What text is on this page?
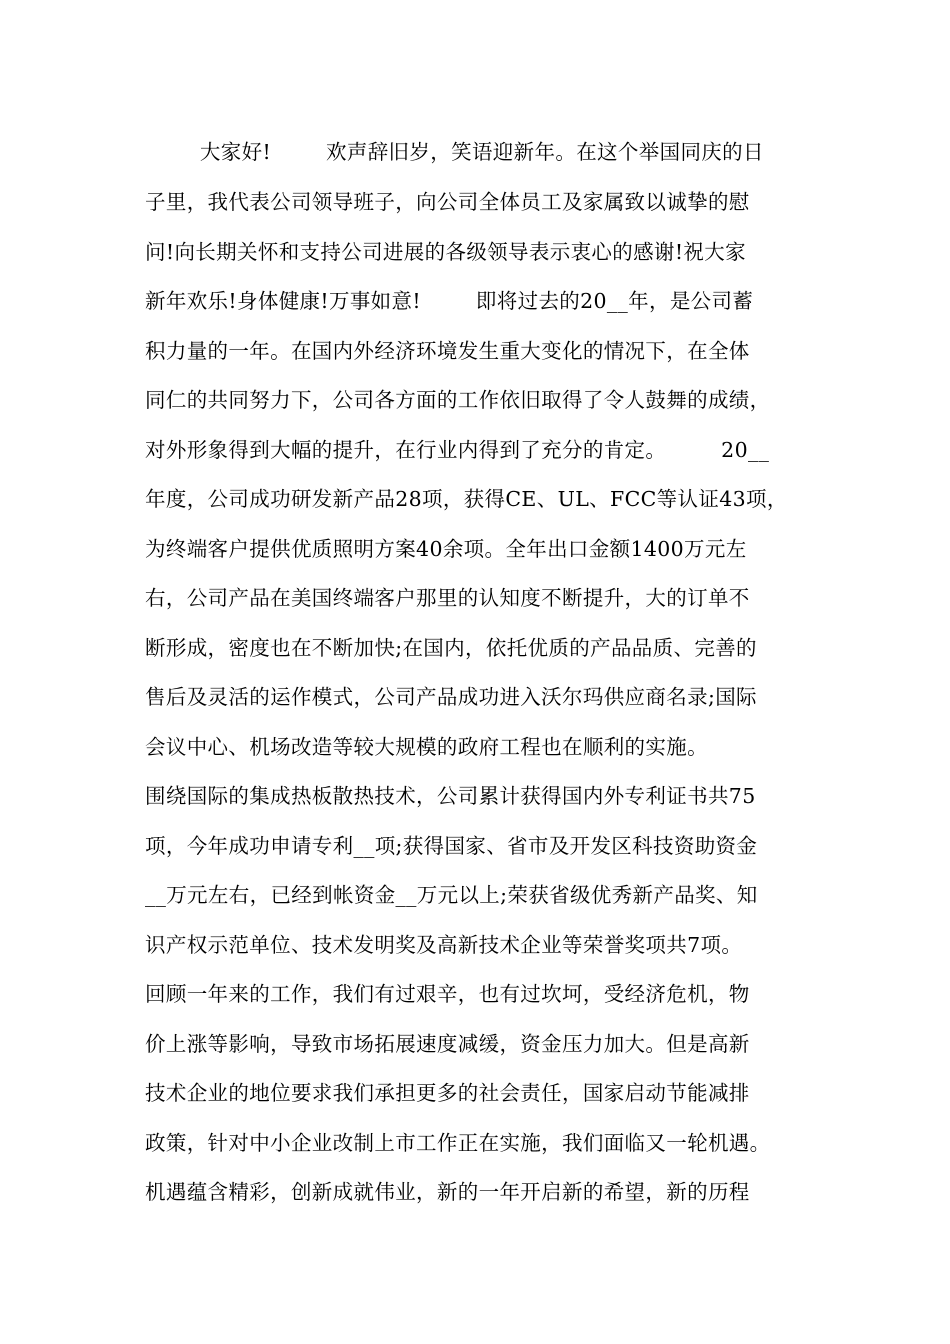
大家好!        欢声辞旧岁，笑语迎新年。在这个举国同庆的日
子里，我代表公司领导班子，向公司全体员工及家属致以诚挚的慰
问!向长期关怀和支持公司进展的各级领导表示衷心的感谢!祝大家
新年欢乐!身体健康!万事如意!        即将过去的20__年，是公司蓄
积力量的一年。在国内外经济环境发生重大变化的情况下，在全体
同仁的共同努力下，公司各方面的工作依旧取得了令人鼓舞的成绩，
对外形象得到大幅的提升，在行业内得到了充分的肯定。        20__
年度，公司成功研发新产品28项，获得CE、UL、FCC等认证43项，
为终端客户提供优质照明方案40余项。全年出口金额1400万元左
右，公司产品在美国终端客户那里的认知度不断提升，大的订单不
断形成，密度也在不断加快;在国内，依托优质的产品品质、完善的
售后及灵活的运作模式，公司产品成功进入沃尔玛供应商名录;国际
会议中心、机场改造等较大规模的政府工程也在顺利的实施。
围绕国际的集成热板散热技术，公司累计获得国内外专利证书共75
项，今年成功申请专利__项;获得国家、省市及开发区科技资助资金
__万元左右，已经到帐资金__万元以上;荣获省级优秀新产品奖、知
识产权示范单位、技术发明奖及高新技术企业等荣誉奖项共7项。
回顾一年来的工作，我们有过艰辛，也有过坎坷，受经济危机，物
价上涨等影响，导致市场拓展速度减缓，资金压力加大。但是高新
技术企业的地位要求我们承担更多的社会责任，国家启动节能减排
政策，针对中小企业改制上市工作正在实施，我们面临又一轮机遇。
机遇蕴含精彩，创新成就伟业，新的一年开启新的希望，新的历程
